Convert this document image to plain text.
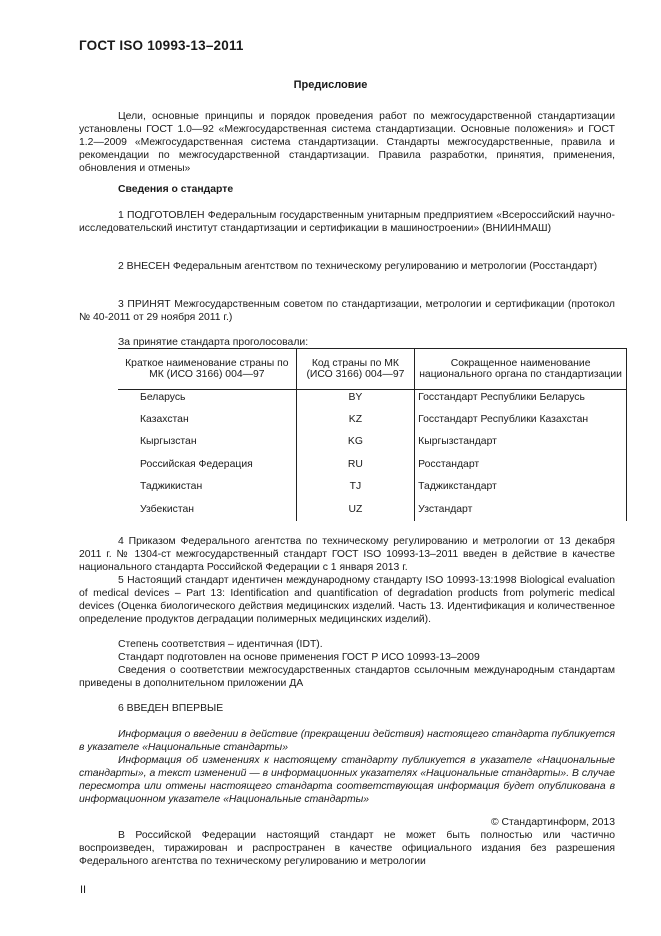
ГОСТ ISO 10993-13–2011
Предисловие
Цели, основные принципы и порядок проведения работ по межгосударственной стандартизации установлены ГОСТ 1.0—92 «Межгосударственная система стандартизации. Основные положения» и ГОСТ 1.2—2009 «Межгосударственная система стандартизации. Стандарты межгосударственные, правила и рекомендации по межгосударственной стандартизации. Правила разработки, принятия, применения, обновления и отмены»
Сведения о стандарте
1 ПОДГОТОВЛЕН Федеральным государственным унитарным предприятием «Всероссийский научно-исследовательский институт стандартизации и сертификации в машиностроении» (ВНИИНМАШ)
2 ВНЕСЕН Федеральным агентством по техническому регулированию и метрологии (Росстандарт)
3 ПРИНЯТ Межгосударственным советом по стандартизации, метрологии и сертификации (протокол № 40-2011 от 29 ноября 2011 г.)
За принятие стандарта проголосовали:
Краткое наименование страны по МК (ИСО 3166) 004—97	Код страны по МК (ИСО 3166) 004—97	Сокращенное наименование национального органа по стандартизации
Беларусь	BY	Госстандарт Республики Беларусь
Казахстан	KZ	Госстандарт Республики Казахстан
Кыргызстан	KG	Кыргызстандарт
Российская Федерация	RU	Росстандарт
Таджикистан	TJ	Таджикстандарт
Узбекистан	UZ	Узстандарт
4 Приказом Федерального агентства по техническому регулированию и метрологии от 13 декабря 2011 г. № 1304-ст межгосударственный стандарт ГОСТ ISO 10993-13–2011 введен в действие в качестве национального стандарта Российской Федерации с 1 января 2013 г.
5 Настоящий стандарт идентичен международному стандарту ISO 10993-13:1998 Biological evaluation of medical devices – Part 13: Identification and quantification of degradation products from polymeric medical devices (Оценка биологического действия медицинских изделий. Часть 13. Идентификация и количественное определение продуктов деградации полимерных медицинских изделий).
Степень соответствия – идентичная (IDT).
Стандарт подготовлен на основе применения ГОСТ Р ИСО 10993-13–2009
Сведения о соответствии межгосударственных стандартов ссылочным международным стандартам приведены в дополнительном приложении ДА
6 ВВЕДЕН ВПЕРВЫЕ
Информация о введении в действие (прекращении действия) настоящего стандарта публикуется в указателе «Национальные стандарты»
Информация об изменениях к настоящему стандарту публикуется в указателе «Национальные стандарты», а текст изменений — в информационных указателях «Национальные стандарты». В случае пересмотра или отмены настоящего стандарта соответствующая информация будет опубликована в информационном указателе «Национальные стандарты»
© Стандартинформ, 2013
В Российской Федерации настоящий стандарт не может быть полностью или частично воспроизведен, тиражирован и распространен в качестве официального издания без разрешения Федерального агентства по техническому регулированию и метрологии
II
